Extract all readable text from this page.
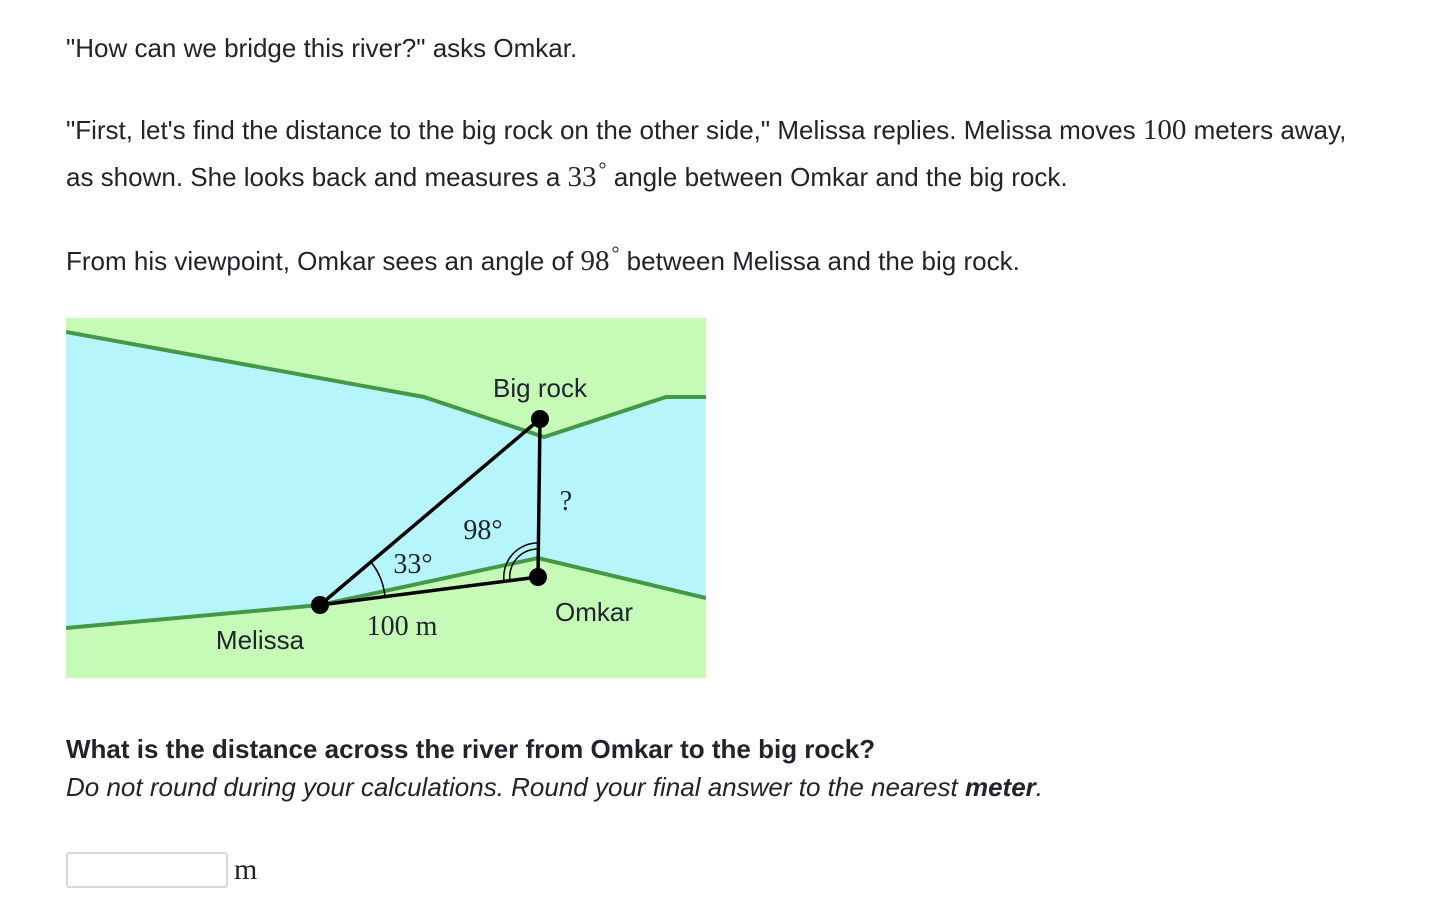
"How can we bridge this river?" asks Omkar.

"First, let's find the distance to the big rock on the other side," Melissa replies. Melissa moves 100 meters away, as shown. She looks back and measures a 33 ° angle between Omkar and the big rock.

From his viewpoint, Omkar sees an angle of 98 ° between Melissa and the big rock.

Big rock
Omkar
Melissa 100 m
?
33°
98°

What is the distance across the river from Omkar to the big rock?

Do not round during your calculations. Round your final answer to the nearest meter.

m
